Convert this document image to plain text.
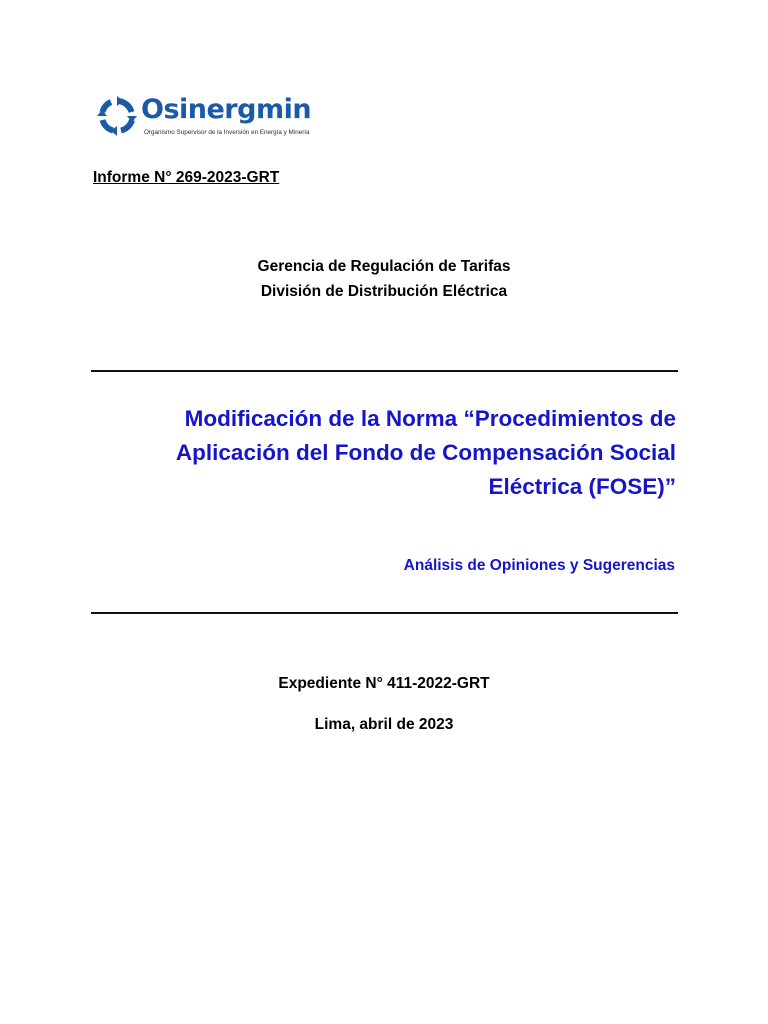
Osinergmin
Organismo Supervisor de la Inversión en Energía y Minería
Informe N° 269-2023-GRT
Gerencia de Regulación de Tarifas
División de Distribución Eléctrica
Modificación de la Norma “Procedimientos de
Aplicación del Fondo de Compensación Social
Eléctrica (FOSE)”
Análisis de Opiniones y Sugerencias
Expediente N° 411-2022-GRT
Lima, abril de 2023
